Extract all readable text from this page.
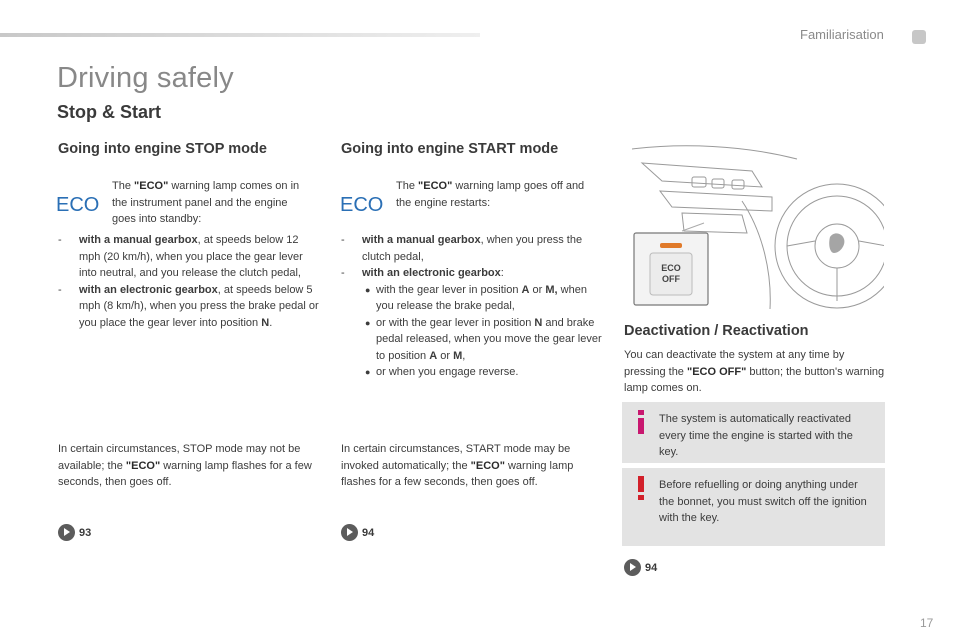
Familiarisation
Driving safely
Stop & Start
Going into engine STOP mode
ECO
The "ECO" warning lamp comes on in the instrument panel and the engine goes into standby:
- with a manual gearbox, at speeds below 12 mph (20 km/h), when you place the gear lever into neutral, and you release the clutch pedal,
- with an electronic gearbox, at speeds below 5 mph (8 km/h), when you press the brake pedal or you place the gear lever into position N.
In certain circumstances, STOP mode may not be available; the "ECO" warning lamp flashes for a few seconds, then goes off.
93
Going into engine START mode
ECO
The "ECO" warning lamp goes off and the engine restarts:
- with a manual gearbox, when you press the clutch pedal,
- with an electronic gearbox:
● with the gear lever in position A or M, when you release the brake pedal,
● or with the gear lever in position N and brake pedal released, when you move the gear lever to position A or M,
● or when you engage reverse.
In certain circumstances, START mode may be invoked automatically; the "ECO" warning lamp flashes for a few seconds, then goes off.
94
ECO
OFF
Deactivation / Reactivation
You can deactivate the system at any time by pressing the "ECO OFF" button; the button's warning lamp comes on.
The system is automatically reactivated every time the engine is started with the key.
Before refuelling or doing anything under the bonnet, you must switch off the ignition with the key.
94
17
